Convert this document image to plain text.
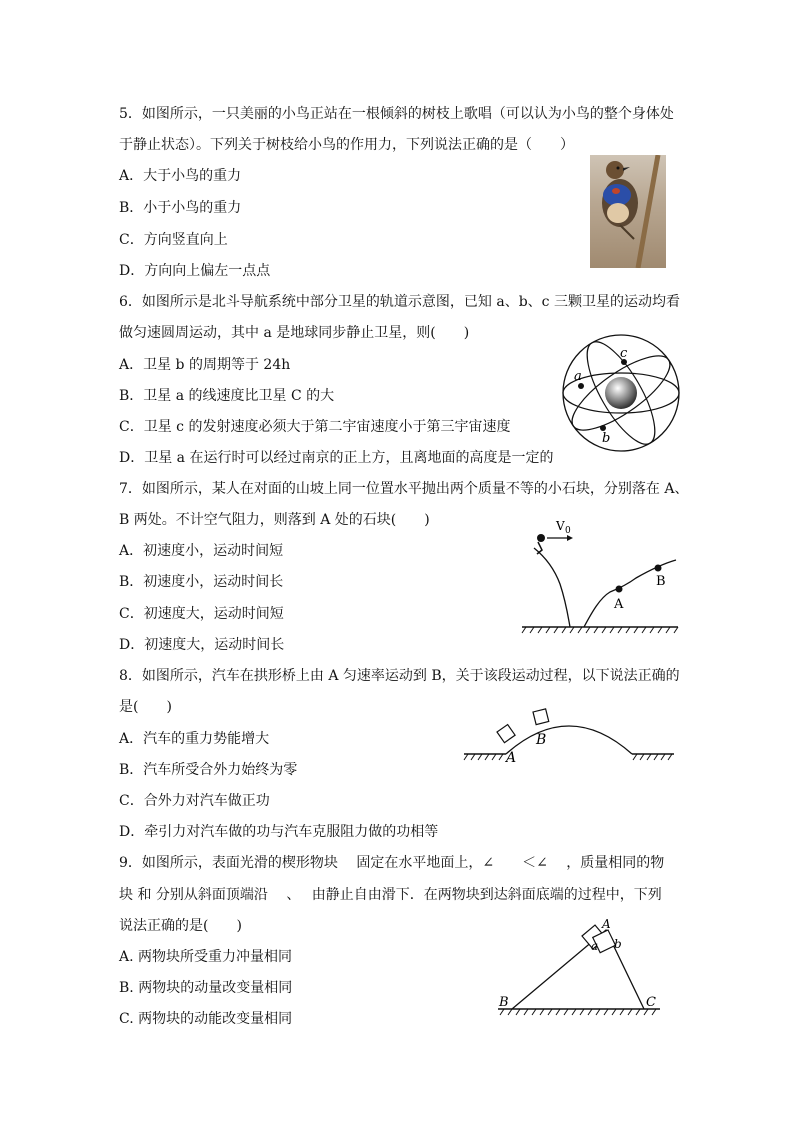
5．如图所示，一只美丽的小鸟正站在一根倾斜的树枝上歌唱（可以认为小鸟的整个身体处
于静止状态）。下列关于树枝给小鸟的作用力，下列说法正确的是（　　）
A．大于小鸟的重力
B．小于小鸟的重力
C．方向竖直向上
D．方向向上偏左一点点
6．如图所示是北斗导航系统中部分卫星的轨道示意图，已知 a、b、c 三颗卫星的运动均看
做匀速圆周运动，其中 a 是地球同步静止卫星，则(　　)
A．卫星 b 的周期等于 24h
B．卫星 a 的线速度比卫星 C 的大
C．卫星 c 的发射速度必须大于第二宇宙速度小于第三宇宙速度
D．卫星 a 在运行时可以经过南京的正上方，且离地面的高度是一定的
a
c
b
7．如图所示，某人在对面的山坡上同一位置水平抛出两个质量不等的小石块，分别落在 A、
B 两处。不计空气阻力，则落到 A 处的石块(　　)
A．初速度小，运动时间短
B．初速度小，运动时间长
C．初速度大，运动时间短
D．初速度大，运动时间长
V 0
A
B
8．如图所示，汽车在拱形桥上由 A 匀速率运动到 B，关于该段运动过程，以下说法正确的
是(　　)
A．汽车的重力势能增大
B．汽车所受合外力始终为零
C．合外力对汽车做正功
D．牵引力对汽车做的功与汽车克服阻力做的功相等
A
B
9．如图所示，表面光滑的楔形物块　 固定在水平地面上，∠　　＜∠　 ，质量相同的物
块 和 分别从斜面顶端沿　 、　 由静止自由滑下．在两物块到达斜面底端的过程中，下列
说法正确的是(　　)
A. 两物块所受重力冲量相同
B. 两物块的动量改变量相同
C. 两物块的动能改变量相同
a b
A
B	C
